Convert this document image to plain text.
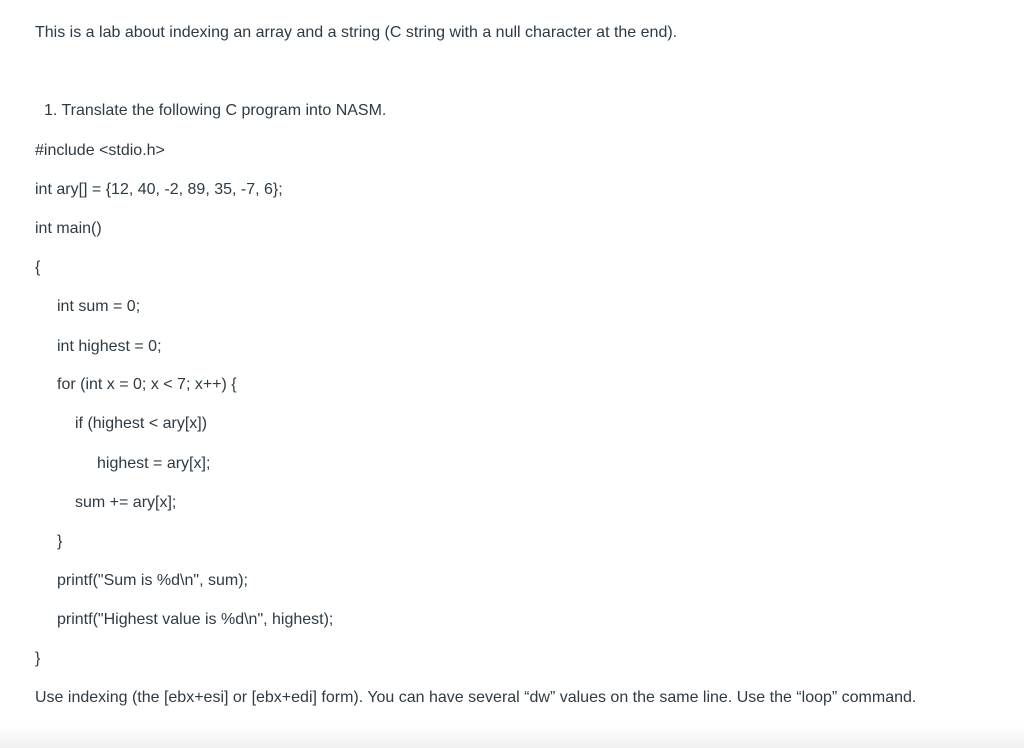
This is a lab about indexing an array and a string (C string with a null character at the end).

1. Translate the following C program into NASM.

#include <stdio.h>

int ary[] = {12, 40, -2, 89, 35, -7, 6};

int main()

{

int sum = 0;

int highest = 0;

for (int x = 0; x < 7; x++) {

if (highest < ary[x])

highest = ary[x];

sum += ary[x];

}

printf("Sum is %d\n", sum);

printf("Highest value is %d\n", highest);

}

Use indexing (the [ebx+esi] or [ebx+edi] form). You can have several “dw” values on the same line. Use the “loop” command.
